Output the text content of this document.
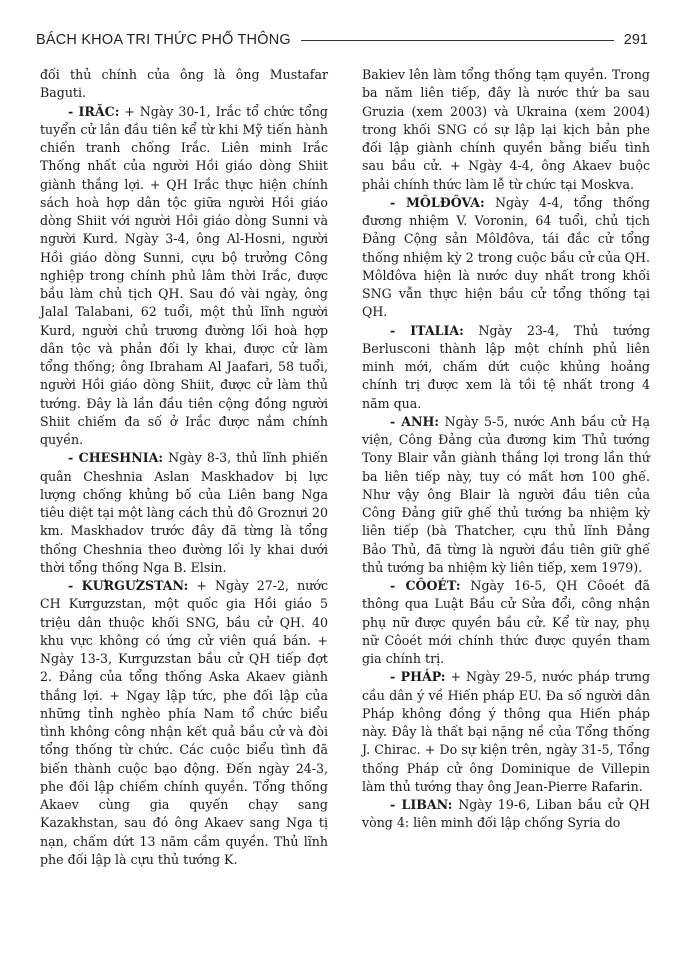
BÁCH KHOA TRI THỨC PHỔ THÔNG	291

đối thủ chính của ông là ông Mustafar Baguti.

- IRĂC: + Ngày 30-1, Irắc tổ chức tổng tuyển cử lần đầu tiên kể từ khi Mỹ tiến hành chiến tranh chống Irắc. Liên minh Irắc Thống nhất của người Hồi giáo dòng Shiit giành thắng lợi. + QH Irắc thực hiện chính sách hoà hợp dân tộc giữa người Hồi giáo dòng Shiit với người Hồi giáo dòng Sunni và người Kurd. Ngày 3-4, ông Al-Hosni, người Hồi giáo dòng Sunni, cựu bộ trưởng Công nghiệp trong chính phủ lâm thời Irắc, được bầu làm chủ tịch QH. Sau đó vài ngày, ông Jalal Talabani, 62 tuổi, một thủ lĩnh người Kurd, người chủ trương đường lối hoà hợp dân tộc và phản đối ly khai, được cử làm tổng thống; ông Ibraham Al Jaafari, 58 tuổi, người Hồi giáo dòng Shiit, được cử làm thủ tướng. Đây là lần đầu tiên cộng đồng người Shiit chiếm đa số ở Irắc được nắm chính quyền.

- CHESHNIA: Ngày 8-3, thủ lĩnh phiến quân Cheshnia Aslan Maskhadov bị lực lượng chống khủng bố của Liên bang Nga tiêu diệt tại một làng cách thủ đô Groznưi 20 km. Maskhadov trước đây đã từng là tổng thống Cheshnia theo đường lối ly khai dưới thời tổng thống Nga B. Elsin.

- KƯRGƯZSTAN: + Ngày 27-2, nước CH Kưrgưzstan, một quốc gia Hồi giáo 5 triệu dân thuộc khối SNG, bầu cử QH. 40 khu vực không có ứng cử viên quá bán. + Ngày 13-3, Kưrgưzstan bầu cử QH tiếp đợt 2. Đảng của tổng thống Aska Akaev giành thắng lợi. + Ngay lập tức, phe đối lập của những tỉnh nghèo phía Nam tổ chức biểu tình không công nhận kết quả bầu cử và đòi tổng thống từ chức. Các cuộc biểu tình đã biến thành cuộc bạo động. Đến ngày 24-3, phe đối lập chiếm chính quyền. Tổng thống Akaev cùng gia quyến chạy sang Kazakhstan, sau đó ông Akaev sang Nga tị nạn, chấm dứt 13 năm cầm quyền. Thủ lĩnh phe đối lập là cựu thủ tướng K.

Bakiev lên làm tổng thống tạm quyền. Trong ba năm liên tiếp, đây là nước thứ ba sau Gruzia (xem 2003) và Ukraina (xem 2004) trong khối SNG có sự lập lại kịch bản phe đối lập giành chính quyền bằng biểu tình sau bầu cử. + Ngày 4-4, ông Akaev buộc phải chính thức làm lễ từ chức tại Moskva.

- MÔLĐÔVA: Ngày 4-4, tổng thống đương nhiệm V. Voronin, 64 tuổi, chủ tịch Đảng Cộng sản Môlđôva, tái đắc cử tổng thống nhiệm kỳ 2 trong cuộc bầu cử của QH. Môlđôva hiện là nước duy nhất trong khối SNG vẫn thực hiện bầu cử tổng thống tại QH.

- ITALIA: Ngày 23-4, Thủ tướng Berlusconi thành lập một chính phủ liên minh mới, chấm dứt cuộc khủng hoảng chính trị được xem là tồi tệ nhất trong 4 năm qua.

- ANH: Ngày 5-5, nước Anh bầu cử Hạ viện, Công Đảng của đương kim Thủ tướng Tony Blair vẫn giành thắng lợi trong lần thứ ba liên tiếp này, tuy có mất hơn 100 ghế. Như vậy ông Blair là người đầu tiên của Công Đảng giữ ghế thủ tướng ba nhiệm kỳ liên tiếp (bà Thatcher, cựu thủ lĩnh Đảng Bảo Thủ, đã từng là người đầu tiên giữ ghế thủ tướng ba nhiệm kỳ liên tiếp, xem 1979).

- CÔOÉT: Ngày 16-5, QH Côoét đã thông qua Luật Bầu cử Sửa đổi, công nhận phụ nữ được quyền bầu cử. Kể từ nay, phụ nữ Côoét mới chính thức được quyền tham gia chính trị.

- PHÁP: + Ngày 29-5, nước pháp trưng cầu dân ý về Hiến pháp EU. Đa số người dân Pháp không đồng ý thông qua Hiến pháp này. Đây là thất bại nặng nề của Tổng thống J. Chirac. + Do sự kiện trên, ngày 31-5, Tổng thống Pháp cử ông Dominique de Villepin làm thủ tướng thay ông Jean-Pierre Rafarin.

- LIBAN: Ngày 19-6, Liban bầu cử QH vòng 4: liên minh đối lập chống Syria do
